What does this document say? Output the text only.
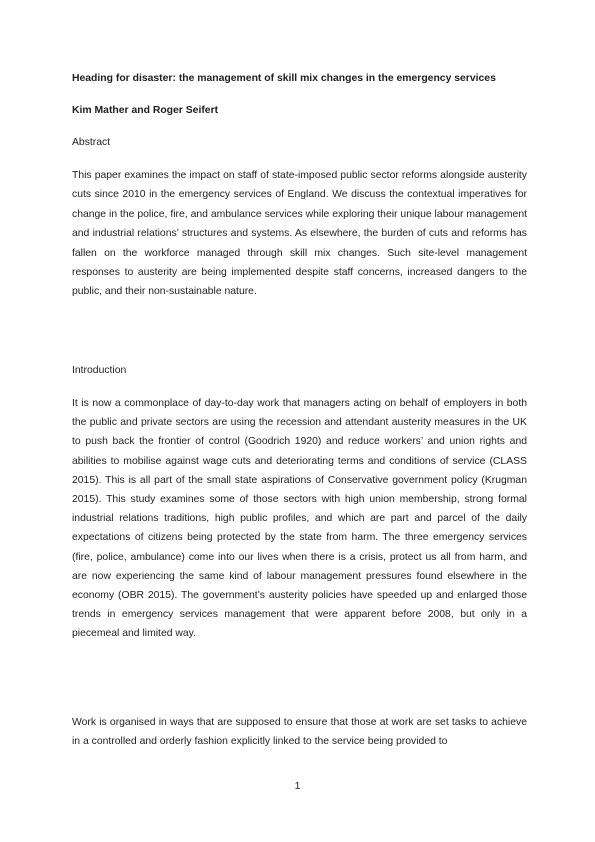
Heading for disaster: the management of skill mix changes in the emergency services
Kim Mather and Roger Seifert
Abstract
This paper examines the impact on staff of state-imposed public sector reforms alongside austerity cuts since 2010 in the emergency services of England. We discuss the contextual imperatives for change in the police, fire, and ambulance services while exploring their unique labour management and industrial relations’ structures and systems. As elsewhere, the burden of cuts and reforms has fallen on the workforce managed through skill mix changes. Such site-level management responses to austerity are being implemented despite staff concerns, increased dangers to the public, and their non-sustainable nature.
Introduction
It is now a commonplace of day-to-day work that managers acting on behalf of employers in both the public and private sectors are using the recession and attendant austerity measures in the UK to push back the frontier of control (Goodrich 1920) and reduce workers’ and union rights and abilities to mobilise against wage cuts and deteriorating terms and conditions of service (CLASS 2015). This is all part of the small state aspirations of Conservative government policy (Krugman 2015). This study examines some of those sectors with high union membership, strong formal industrial relations traditions, high public profiles, and which are part and parcel of the daily expectations of citizens being protected by the state from harm. The three emergency services (fire, police, ambulance) come into our lives when there is a crisis, protect us all from harm, and are now experiencing the same kind of labour management pressures found elsewhere in the economy (OBR 2015). The government’s austerity policies have speeded up and enlarged those trends in emergency services management that were apparent before 2008, but only in a piecemeal and limited way.
Work is organised in ways that are supposed to ensure that those at work are set tasks to achieve in a controlled and orderly fashion explicitly linked to the service being provided to
1
